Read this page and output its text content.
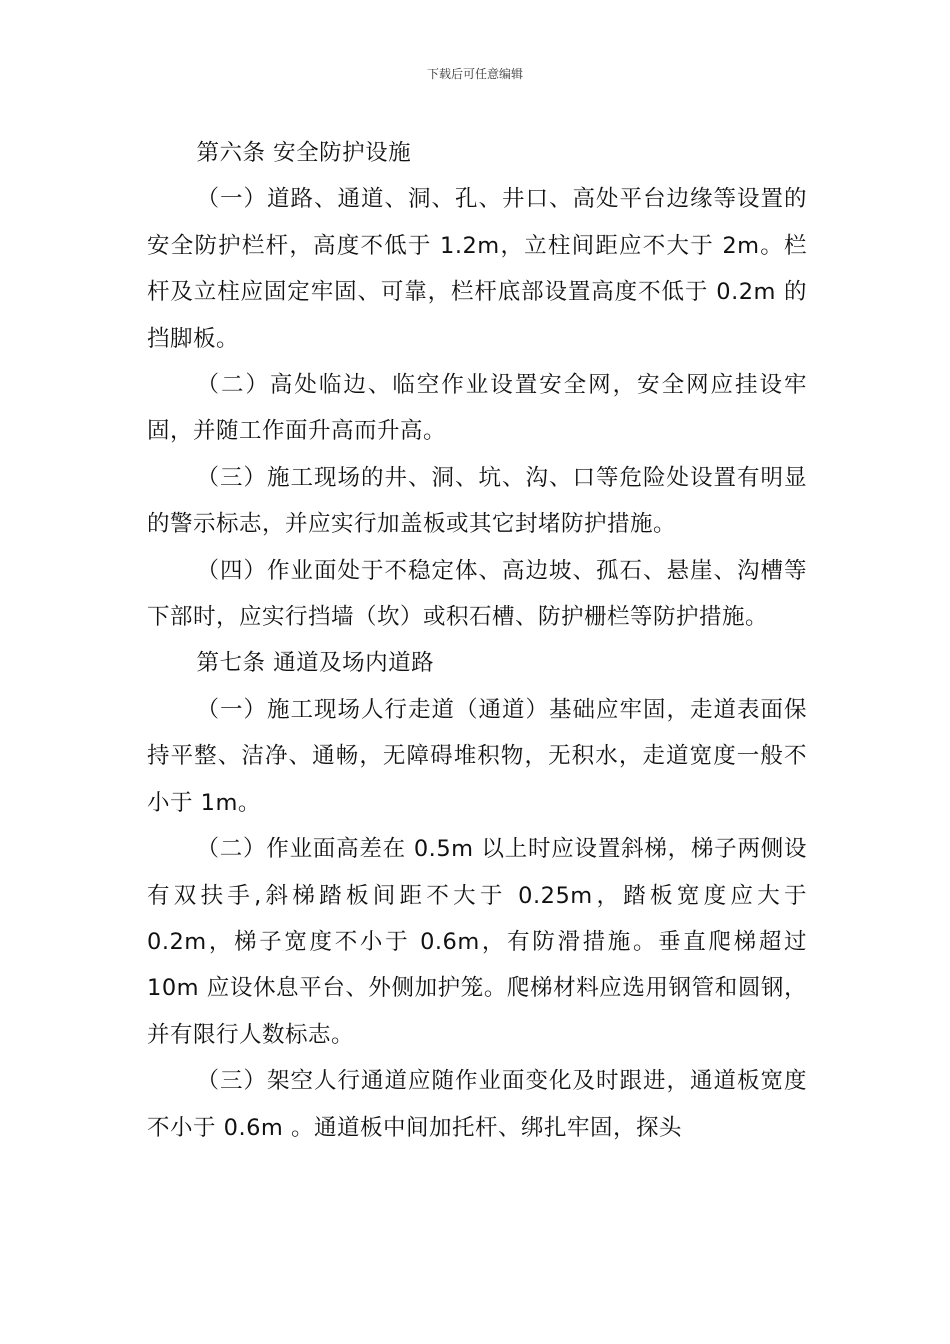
下载后可任意编辑

第六条 安全防护设施

（一）道路、通道、洞、孔、井口、高处平台边缘等设置的安全防护栏杆，高度不低于 1.2m，立柱间距应不大于 2m。栏杆及立柱应固定牢固、可靠，栏杆底部设置高度不低于 0.2m 的挡脚板。

（二）高处临边、临空作业设置安全网，安全网应挂设牢固，并随工作面升高而升高。

（三）施工现场的井、洞、坑、沟、口等危险处设置有明显的警示标志，并应实行加盖板或其它封堵防护措施。

（四）作业面处于不稳定体、高边坡、孤石、悬崖、沟槽等下部时，应实行挡墙（坎）或积石槽、防护栅栏等防护措施。

第七条 通道及场内道路

（一）施工现场人行走道（通道）基础应牢固，走道表面保持平整、洁净、通畅，无障碍堆积物，无积水，走道宽度一般不小于 1m。

（二）作业面高差在 0.5m 以上时应设置斜梯，梯子两侧设有双扶手,斜梯踏板间距不大于 0.25m，踏板宽度应大于 0.2m，梯子宽度不小于 0.6m，有防滑措施。垂直爬梯超过 10m 应设休息平台、外侧加护笼。爬梯材料应选用钢管和圆钢，并有限行人数标志。

（三）架空人行通道应随作业面变化及时跟进，通道板宽度不小于 0.6m 。通道板中间加托杆、绑扎牢固，探头
